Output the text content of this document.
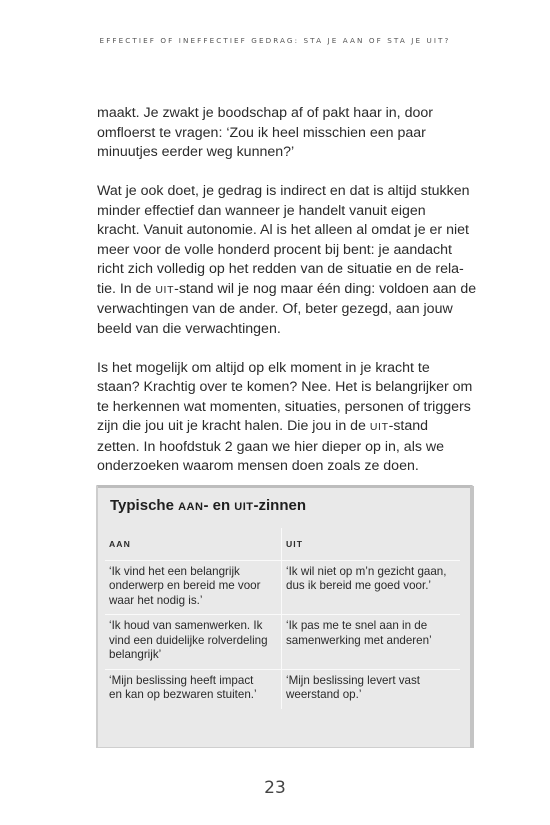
EFFECTIEF OF INEFFECTIEF GEDRAG: STA JE AAN OF STA JE UIT?

maakt. Je zwakt je boodschap af of pakt haar in, door
omfloerst te vragen: ‘Zou ik heel misschien een paar
minuutjes eerder weg kunnen?’

Wat je ook doet, je gedrag is indirect en dat is altijd stukken
minder effectief dan wanneer je handelt vanuit eigen
kracht. Vanuit autonomie. Al is het alleen al omdat je er niet
meer voor de volle honderd procent bij bent: je aandacht
richt zich volledig op het redden van de situatie en de rela-
tie. In de UIT-stand wil je nog maar één ding: voldoen aan de
verwachtingen van de ander. Of, beter gezegd, aan jouw
beeld van die verwachtingen.

Is het mogelijk om altijd op elk moment in je kracht te
staan? Krachtig over te komen? Nee. Het is belangrijker om
te herkennen wat momenten, situaties, personen of triggers
zijn die jou uit je kracht halen. Die jou in de UIT-stand
zetten. In hoofdstuk 2 gaan we hier dieper op in, als we
onderzoeken waarom mensen doen zoals ze doen.

Typische AAN- en UIT-zinnen
AAN	UIT
‘Ik vind het een belangrijk
onderwerp en bereid me voor
waar het nodig is.’
‘Ik wil niet op m’n gezicht gaan,
dus ik bereid me goed voor.’
‘Ik houd van samenwerken. Ik
vind een duidelijke rolverdeling
belangrijk’
‘Ik pas me te snel aan in de
samenwerking met anderen’
‘Mijn beslissing heeft impact
en kan op bezwaren stuiten.’
‘Mijn beslissing levert vast
weerstand op.’
23
